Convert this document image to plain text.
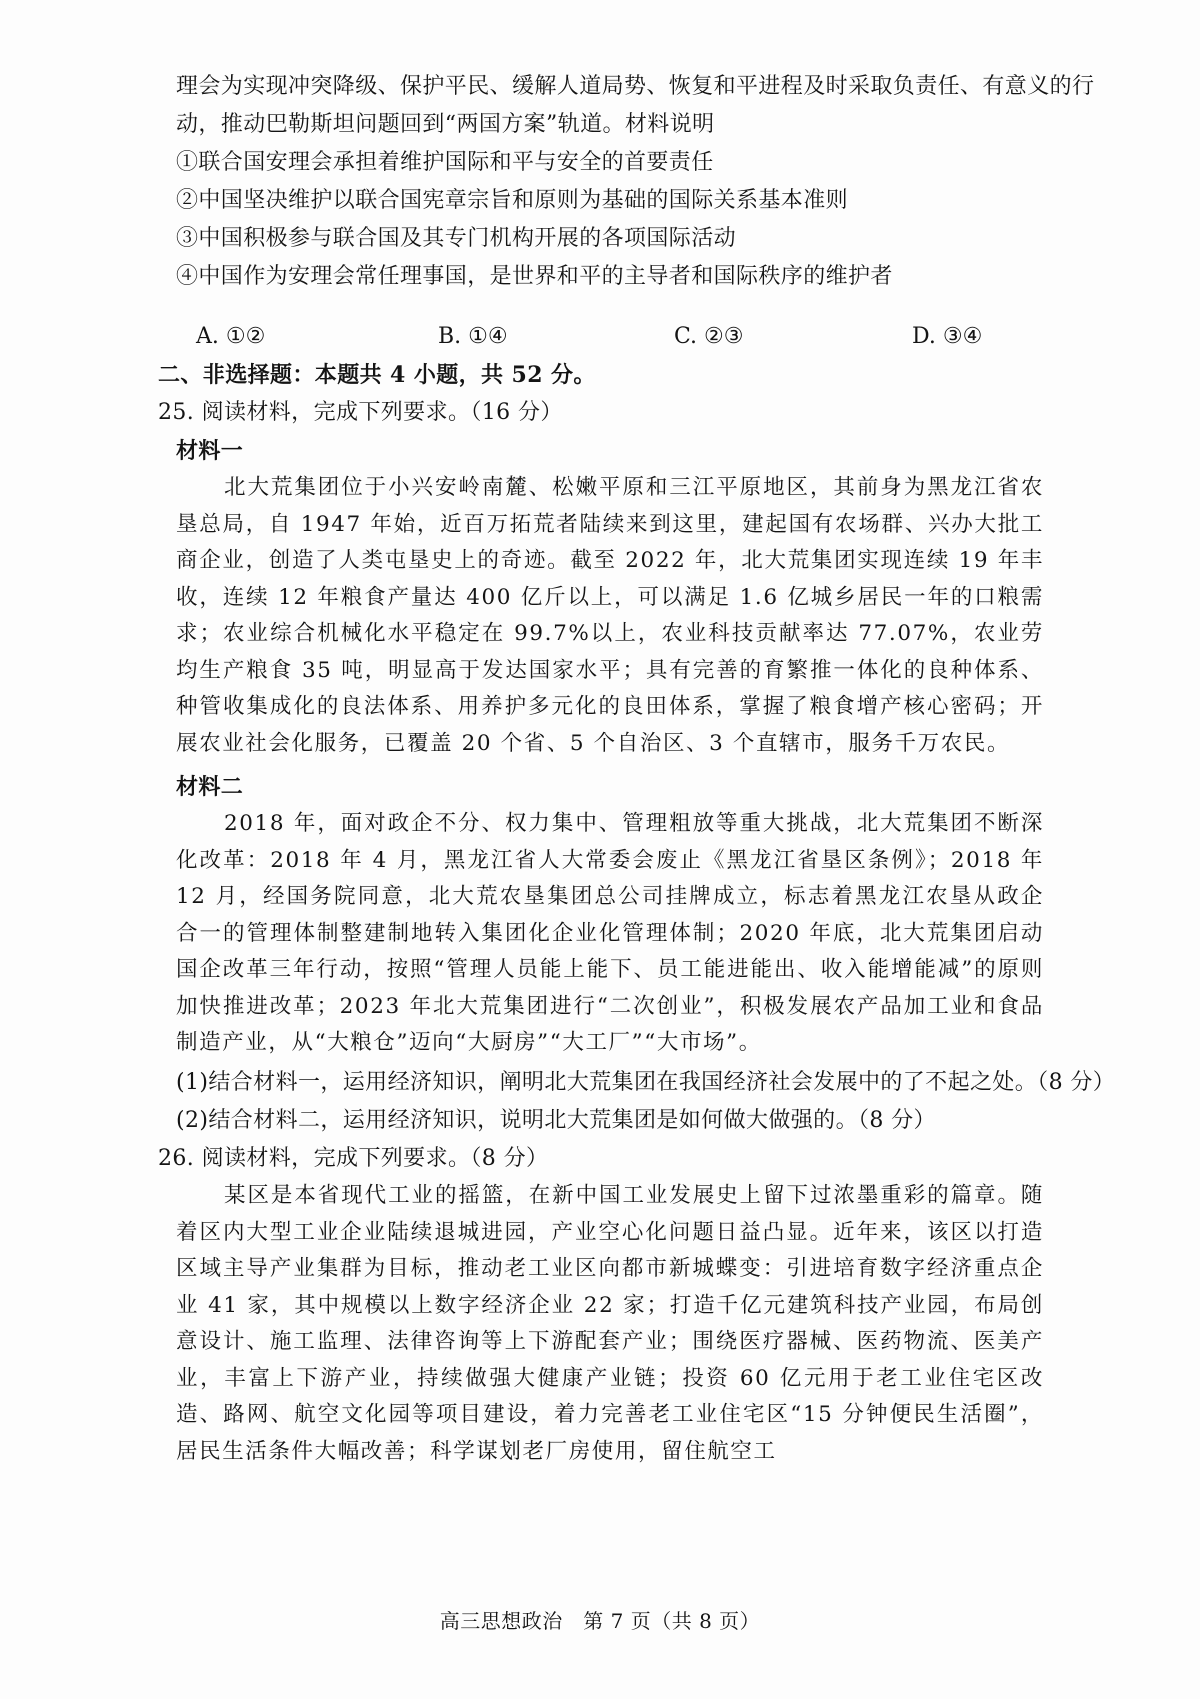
理会为实现冲突降级、保护平民、缓解人道局势、恢复和平进程及时采取负责任、有意义的行
动，推动巴勒斯坦问题回到“两国方案”轨道。材料说明
①联合国安理会承担着维护国际和平与安全的首要责任
②中国坚决维护以联合国宪章宗旨和原则为基础的国际关系基本准则
③中国积极参与联合国及其专门机构开展的各项国际活动
④中国作为安理会常任理事国，是世界和平的主导者和国际秩序的维护者
A. ①②	B. ①④	C. ②③	D. ③④
二、非选择题：本题共 4 小题，共 52 分。
25. 阅读材料，完成下列要求。（16 分）
材料一
北大荒集团位于小兴安岭南麓、松嫩平原和三江平原地区，其前身为黑龙江省农垦总局，自 1947 年始，近百万拓荒者陆续来到这里，建起国有农场群、兴办大批工商企业，创造了人类屯垦史上的奇迹。截至 2022 年，北大荒集团实现连续 19 年丰收，连续 12 年粮食产量达 400 亿斤以上，可以满足 1.6 亿城乡居民一年的口粮需求；农业综合机械化水平稳定在 99.7%以上，农业科技贡献率达 77.07%，农业劳均生产粮食 35 吨，明显高于发达国家水平；具有完善的育繁推一体化的良种体系、种管收集成化的良法体系、用养护多元化的良田体系，掌握了粮食增产核心密码；开展农业社会化服务，已覆盖 20 个省、5 个自治区、3 个直辖市，服务千万农民。
材料二
2018 年，面对政企不分、权力集中、管理粗放等重大挑战，北大荒集团不断深化改革：2018 年 4 月，黑龙江省人大常委会废止《黑龙江省垦区条例》；2018 年 12 月，经国务院同意，北大荒农垦集团总公司挂牌成立，标志着黑龙江农垦从政企合一的管理体制整建制地转入集团化企业化管理体制；2020 年底，北大荒集团启动国企改革三年行动，按照“管理人员能上能下、员工能进能出、收入能增能减”的原则加快推进改革；2023 年北大荒集团进行“二次创业”，积极发展农产品加工业和食品制造产业，从“大粮仓”迈向“大厨房”“大工厂”“大市场”。
(1)结合材料一，运用经济知识，阐明北大荒集团在我国经济社会发展中的了不起之处。（8 分）
(2)结合材料二，运用经济知识，说明北大荒集团是如何做大做强的。（8 分）
26. 阅读材料，完成下列要求。（8 分）
某区是本省现代工业的摇篮，在新中国工业发展史上留下过浓墨重彩的篇章。随着区内大型工业企业陆续退城进园，产业空心化问题日益凸显。近年来，该区以打造区域主导产业集群为目标，推动老工业区向都市新城蝶变：引进培育数字经济重点企业 41 家，其中规模以上数字经济企业 22 家；打造千亿元建筑科技产业园，布局创意设计、施工监理、法律咨询等上下游配套产业；围绕医疗器械、医药物流、医美产业，丰富上下游产业，持续做强大健康产业链；投资 60 亿元用于老工业住宅区改造、路网、航空文化园等项目建设，着力完善老工业住宅区“15 分钟便民生活圈”，居民生活条件大幅改善；科学谋划老厂房使用，留住航空工
高三思想政治　第 7 页（共 8 页）
